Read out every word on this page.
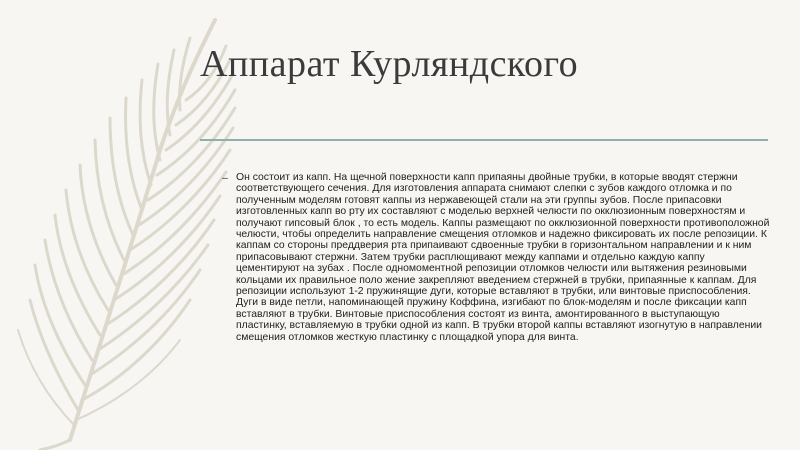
Аппарат Курляндского
– Он состоит из капп. На щечной поверхности капп припаяны двойные трубки, в которые вводят стержни соответствующего сечения. Для изготовления аппарата снимают слепки с зубов каждого отломка и по полученным моделям готовят каппы из нержавеющей стали на эти группы зубов. После припасовки изготовленных капп во рту их составляют с моделью верхней челюсти по окклюзионным поверхностям и получают гипсовый блок , то есть модель. Каппы размещают по окклюзионной поверхности противоположной челюсти, чтобы определить направление смещения отломков и надежно фиксировать их после репозиции. К каппам со стороны преддверия рта припаивают сдвоенные трубки в горизонтальном направлении и к ним припасовывают стержни. Затем трубки расплющивают между каппами и отдельно каждую каппу цементируют на зубах . После одномоментной репозиции отломков челюсти или вытяжения резиновыми кольцами их правильное поло жение закрепляют введением стержней в трубки, припаянные к каппам. Для репозиции используют 1-2 пружинящие дуги, которые вставляют в трубки, или винтовые приспособления. Дуги в виде петли, напоминающей пружину Коффина, изгибают по блок-моделям и после фиксации капп вставляют в трубки. Винтовые приспособления состоят из винта, амонтированного в выступающую пластинку, вставляемую в трубки одной из капп. В трубки второй каппы вставляют изогнутую в направлении смещения отломков жесткую пластинку с площадкой упора для винта.
